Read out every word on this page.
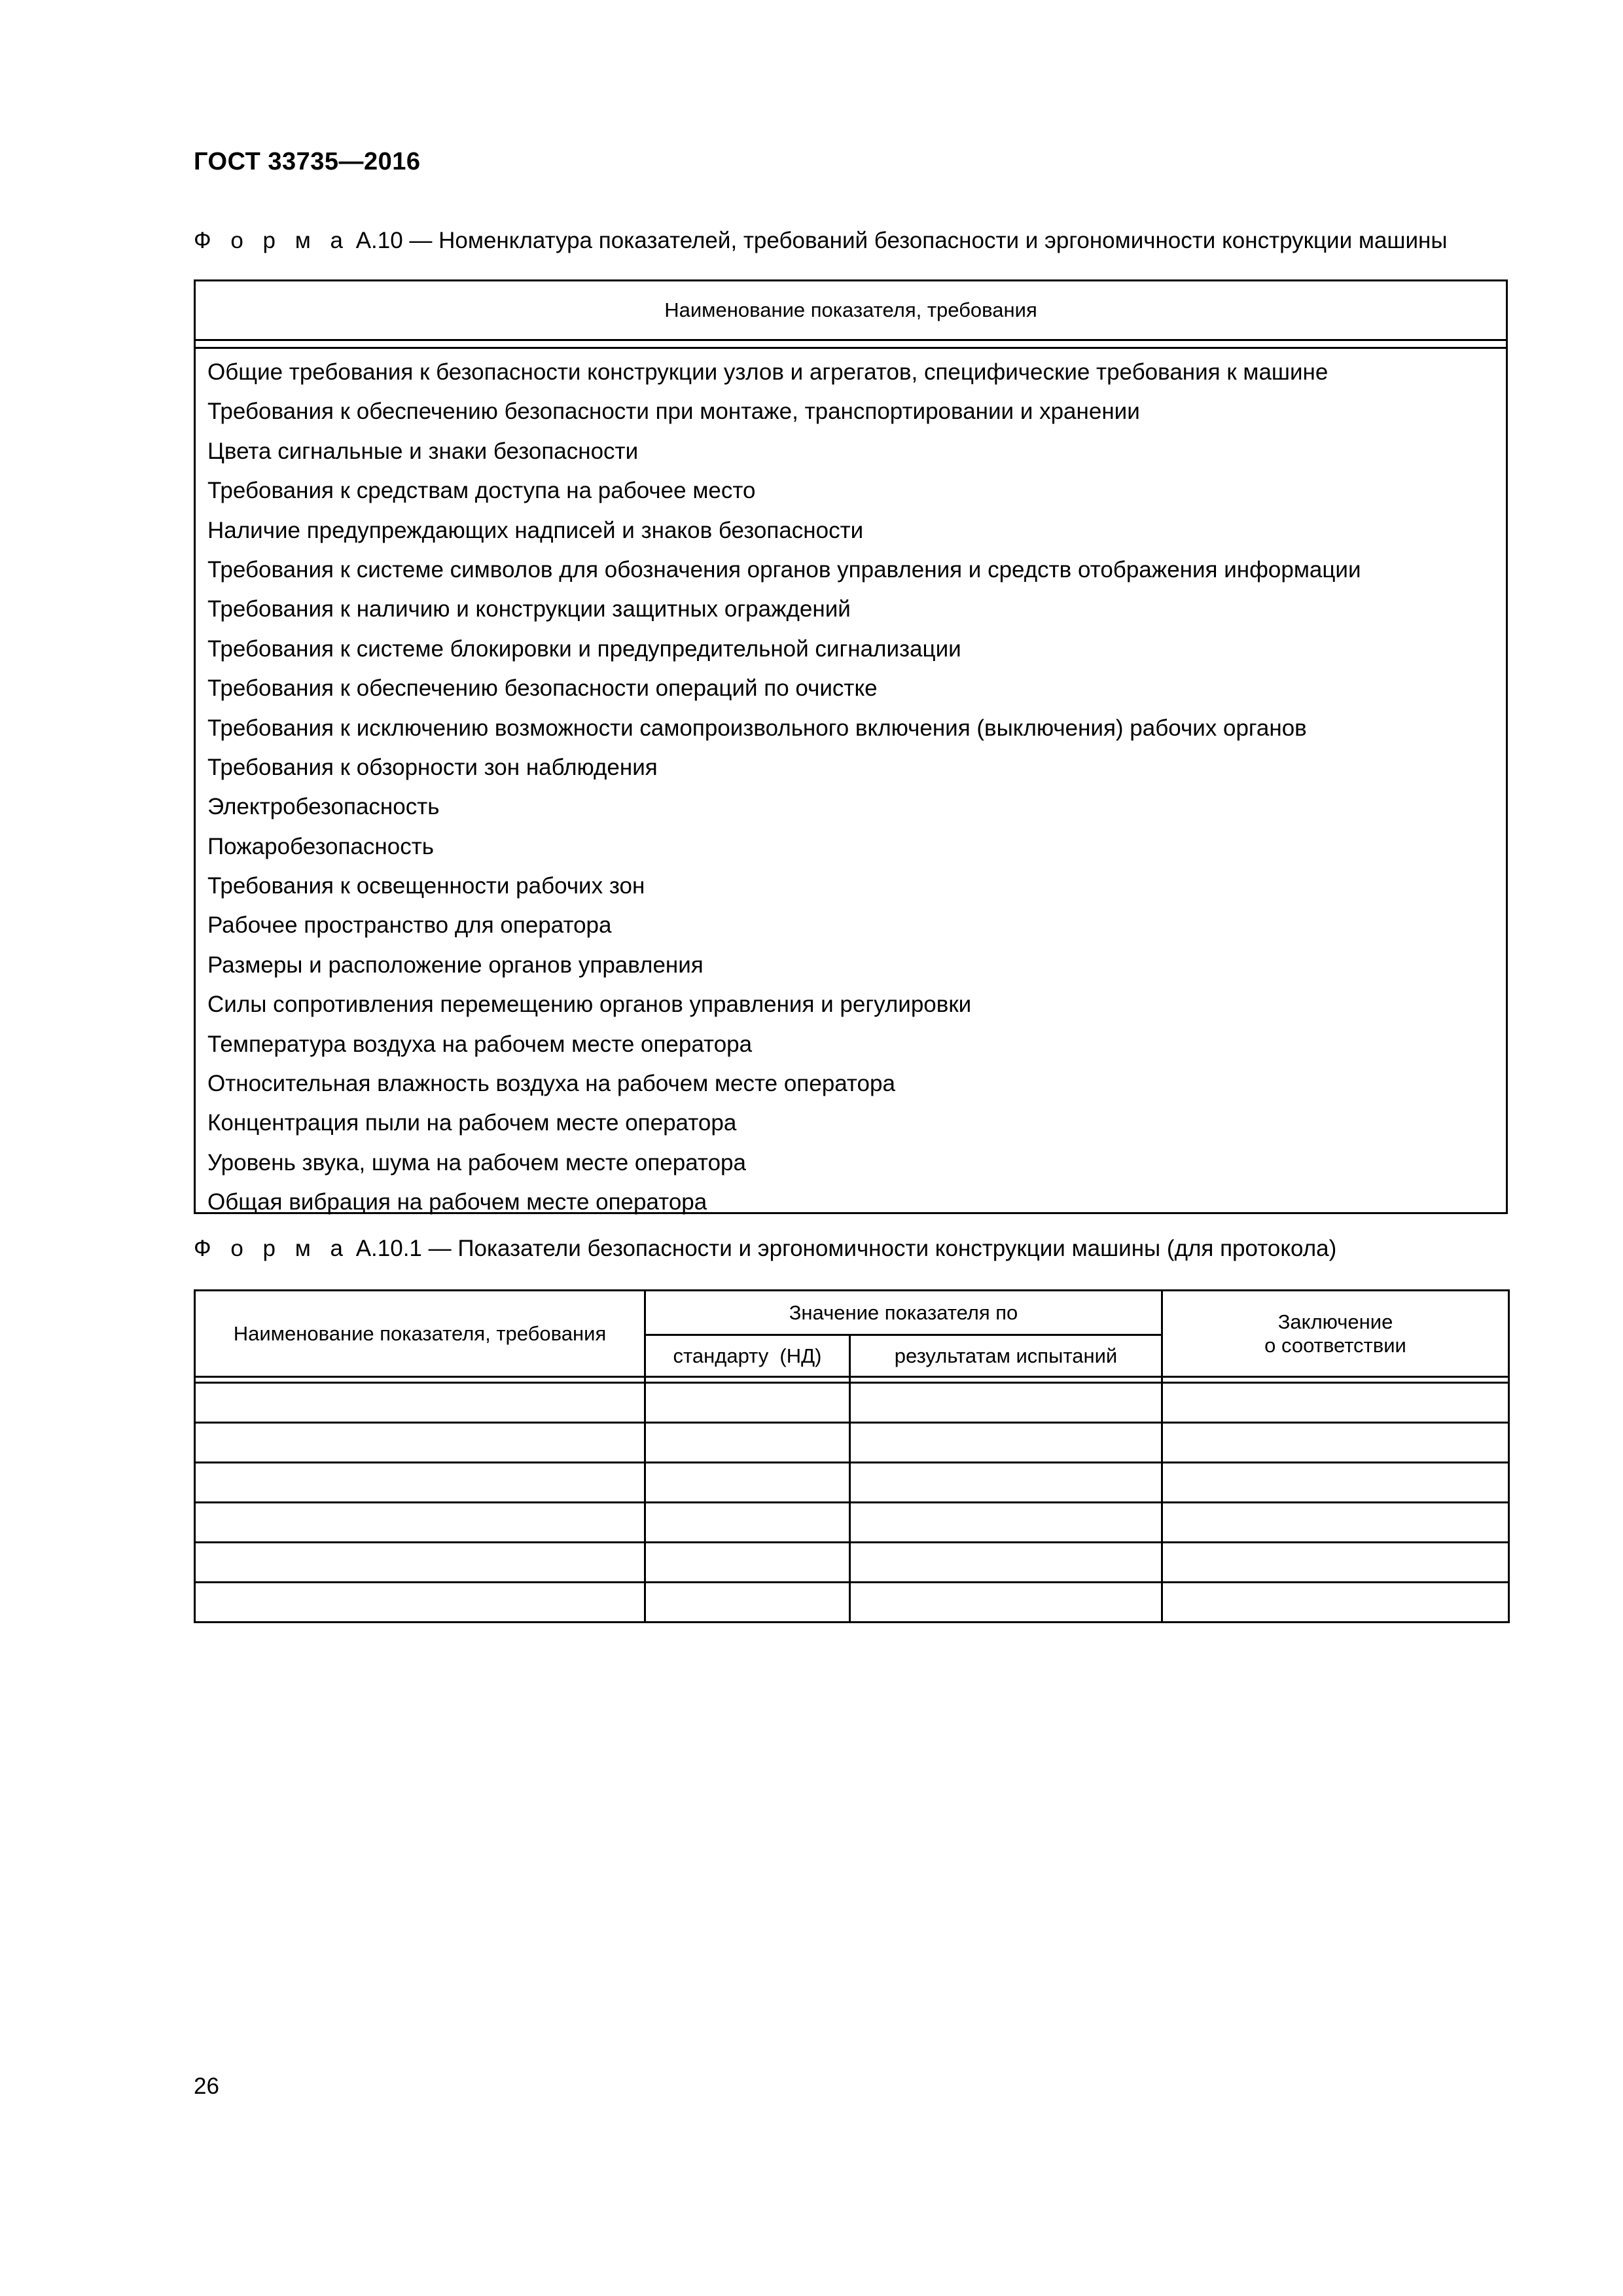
ГОСТ 33735—2016
Ф о р м а А.10 — Номенклатура показателей, требований безопасности и эргономичности конструкции машины
Наименование показателя, требования
Общие требования к безопасности конструкции узлов и агрегатов, специфические требования к машине
Требования к обеспечению безопасности при монтаже, транспортировании и хранении
Цвета сигнальные и знаки безопасности
Требования к средствам доступа на рабочее место
Наличие предупреждающих надписей и знаков безопасности
Требования к системе символов для обозначения органов управления и средств отображения информации
Требования к наличию и конструкции защитных ограждений
Требования к системе блокировки и предупредительной сигнализации
Требования к обеспечению безопасности операций по очистке
Требования к исключению возможности самопроизвольного включения (выключения) рабочих органов
Требования к обзорности зон наблюдения
Электробезопасность
Пожаробезопасность
Требования к освещенности рабочих зон
Рабочее пространство для оператора
Размеры и расположение органов управления
Силы сопротивления перемещению органов управления и регулировки
Температура воздуха на рабочем месте оператора
Относительная влажность воздуха на рабочем месте оператора
Концентрация пыли на рабочем месте оператора
Уровень звука, шума на рабочем месте оператора
Общая вибрация на рабочем месте оператора
Ф о р м а А.10.1 — Показатели безопасности и эргономичности конструкции машины (для протокола)
Наименование показателя, требования	Значение показателя по		Заключение
о соответствии

	стандарту  (НД)	результатам испытаний	

26
